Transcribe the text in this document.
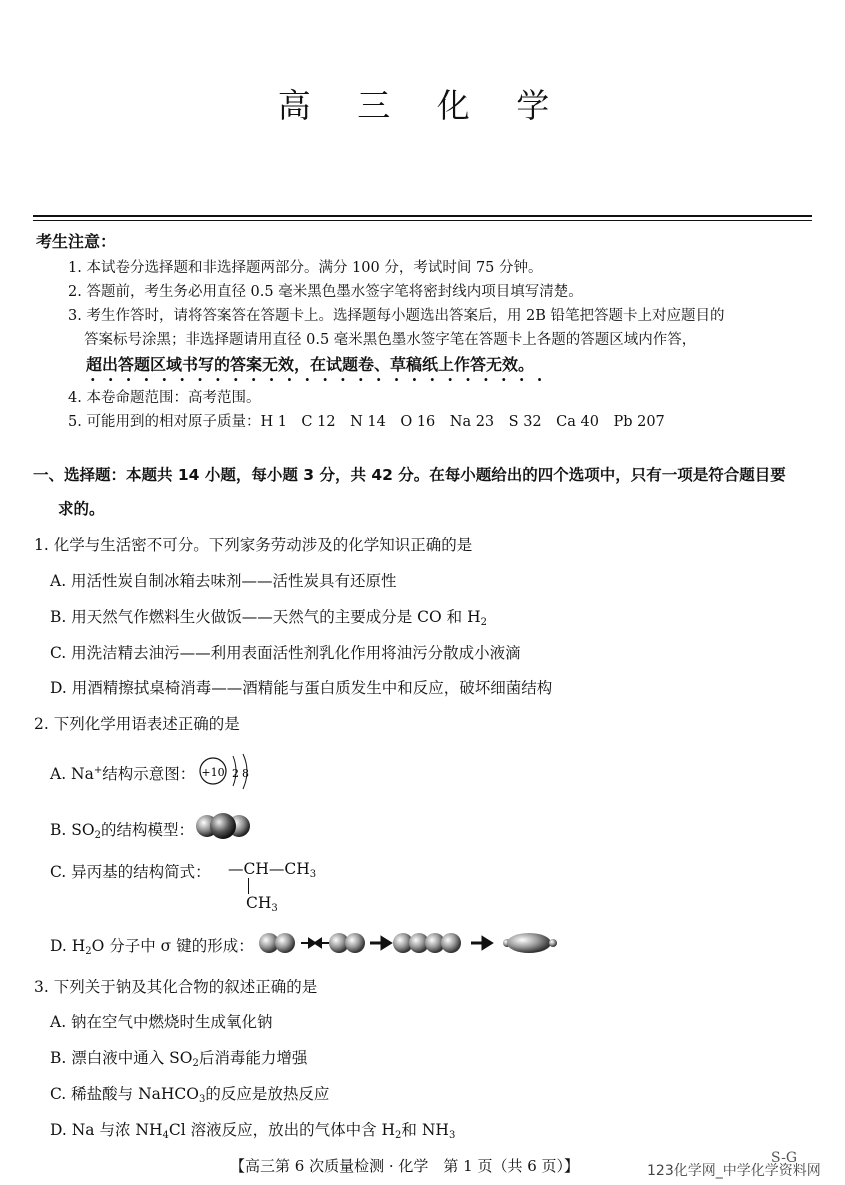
高 三 化 学
考生注意：
1. 本试卷分选择题和非选择题两部分。满分 100 分，考试时间 75 分钟。
2. 答题前，考生务必用直径 0.5 毫米黑色墨水签字笔将密封线内项目填写清楚。
3. 考生作答时，请将答案答在答题卡上。选择题每小题选出答案后，用 2B 铅笔把答题卡上对应题目的
答案标号涂黑；非选择题请用直径 0.5 毫米黑色墨水签字笔在答题卡上各题的答题区域内作答，
超出答题区域书写的答案无效，在试题卷、草稿纸上作答无效。
··························
4. 本卷命题范围：高考范围。
5. 可能用到的相对原子质量：H 1　C 12　N 14　O 16　Na 23　S 32　Ca 40　Pb 207
一、选择题：本题共 14 小题，每小题 3 分，共 42 分。在每小题给出的四个选项中，只有一项是符合题目要
求的。
1. 化学与生活密不可分。下列家务劳动涉及的化学知识正确的是
A. 用活性炭自制冰箱去味剂——活性炭具有还原性
B. 用天然气作燃料生火做饭——天然气的主要成分是 CO 和 $H_2$
C. 用洗洁精去油污——利用表面活性剂乳化作用将油污分散成小液滴
D. 用酒精擦拭桌椅消毒——酒精能与蛋白质发生中和反应，破坏细菌结构
2. 下列化学用语表述正确的是
A. Na+结构示意图： +10 2 8
B. $SO_2$的结构模型：
C. 异丙基的结构简式： $—CH—CH_3$
$CH_3$
D. $H_2O$ 分子中 σ 键的形成：
3. 下列关于钠及其化合物的叙述正确的是
A. 钠在空气中燃烧时生成氧化钠
B. 漂白液中通入 $SO_2$后消毒能力增强
C. 稀盐酸与 NaHCO$_3$的反应是放热反应
D. Na 与浓 $NH_4Cl$ 溶液反应，放出的气体中含 $H_2$和 $NH_3$
【高三第 6 次质量检测 · 化学　第 1 页（共 6 页）】	S-G
123化学网_中学化学资料网
